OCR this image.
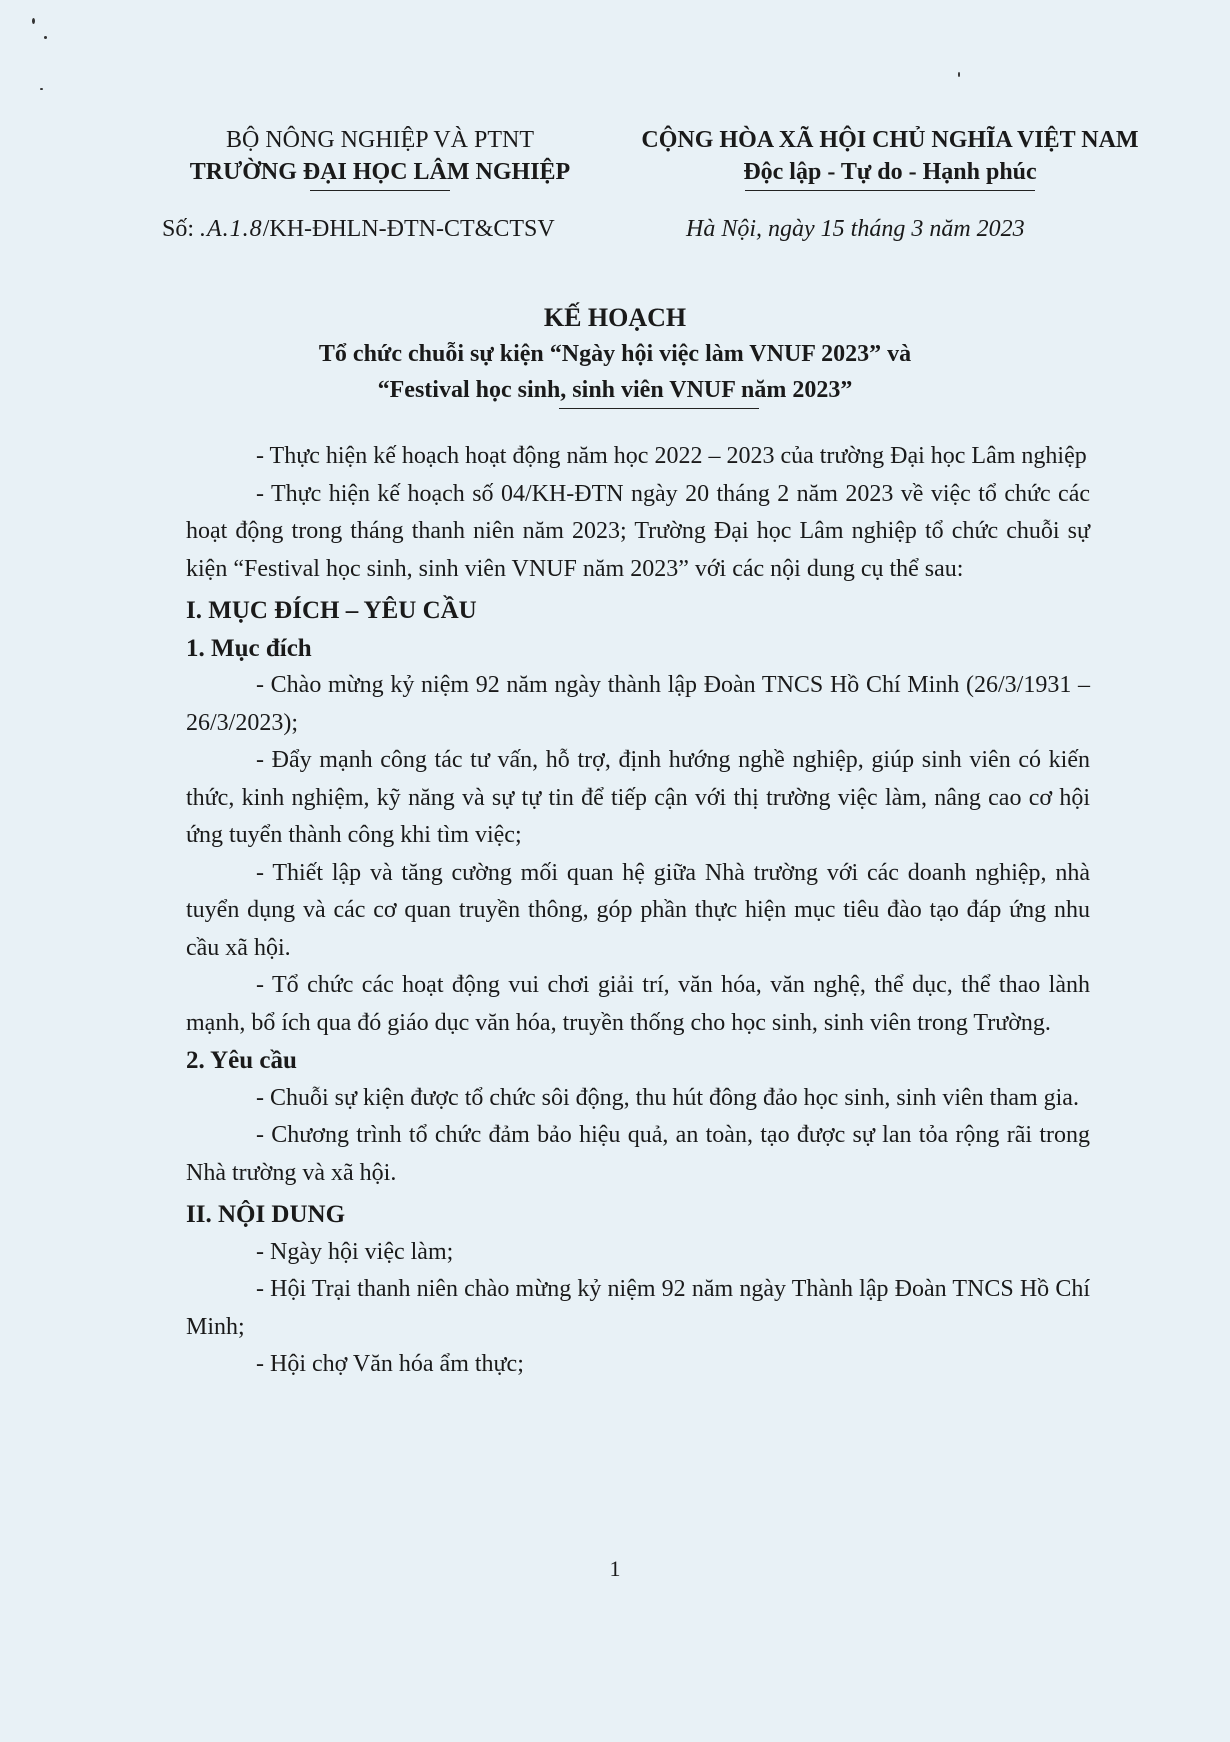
BỘ NÔNG NGHIỆP VÀ PTNT
TRƯỜNG ĐẠI HỌC LÂM NGHIỆP
CỘNG HÒA XÃ HỘI CHỦ NGHĨA VIỆT NAM
Độc lập - Tự do - Hạnh phúc
Số: .A.1.8/KH-ĐHLN-ĐTN-CT&CTSV	Hà Nội, ngày 15 tháng 3 năm 2023
KẾ HOẠCH
Tổ chức chuỗi sự kiện “Ngày hội việc làm VNUF 2023” và
“Festival học sinh, sinh viên VNUF năm 2023”

- Thực hiện kế hoạch hoạt động năm học 2022 – 2023 của trường Đại học Lâm nghiệp

- Thực hiện kế hoạch số 04/KH-ĐTN ngày 20 tháng 2 năm 2023 về việc tổ chức các hoạt động trong tháng thanh niên năm 2023; Trường Đại học Lâm nghiệp tổ chức chuỗi sự kiện “Festival học sinh, sinh viên VNUF năm 2023” với các nội dung cụ thể sau:

I. MỤC ĐÍCH – YÊU CẦU

1. Mục đích

- Chào mừng kỷ niệm 92 năm ngày thành lập Đoàn TNCS Hồ Chí Minh (26/3/1931 – 26/3/2023);

- Đẩy mạnh công tác tư vấn, hỗ trợ, định hướng nghề nghiệp, giúp sinh viên có kiến thức, kinh nghiệm, kỹ năng và sự tự tin để tiếp cận với thị trường việc làm, nâng cao cơ hội ứng tuyển thành công khi tìm việc;

- Thiết lập và tăng cường mối quan hệ giữa Nhà trường với các doanh nghiệp, nhà tuyển dụng và các cơ quan truyền thông, góp phần thực hiện mục tiêu đào tạo đáp ứng nhu cầu xã hội.

- Tổ chức các hoạt động vui chơi giải trí, văn hóa, văn nghệ, thể dục, thể thao lành mạnh, bổ ích qua đó giáo dục văn hóa, truyền thống cho học sinh, sinh viên trong Trường.

2. Yêu cầu

- Chuỗi sự kiện được tổ chức sôi động, thu hút đông đảo học sinh, sinh viên tham gia.

- Chương trình tổ chức đảm bảo hiệu quả, an toàn, tạo được sự lan tỏa rộng rãi trong Nhà trường và xã hội.

II. NỘI DUNG

- Ngày hội việc làm;

- Hội Trại thanh niên chào mừng kỷ niệm 92 năm ngày Thành lập Đoàn TNCS Hồ Chí Minh;

- Hội chợ Văn hóa ẩm thực;

1
